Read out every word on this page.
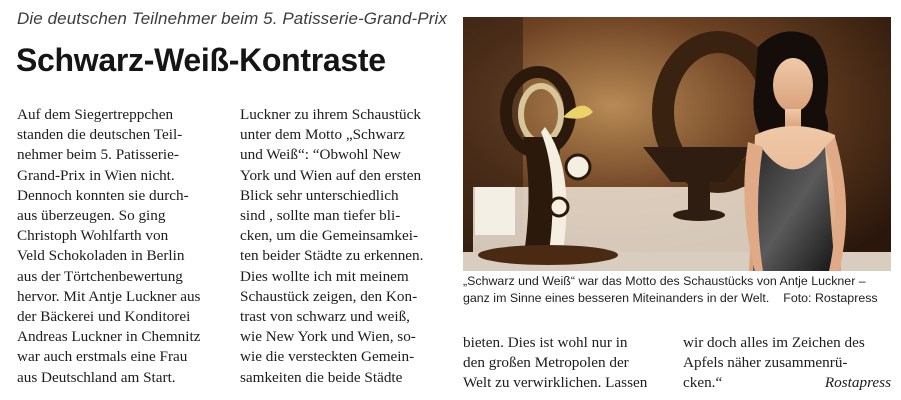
Die deutschen Teilnehmer beim 5. Patisserie-Grand-Prix
Schwarz-Weiß-Kontraste
Auf dem Siegertreppchen
standen die deutschen Teil-
nehmer beim 5. Patisserie-
Grand-Prix in Wien nicht.
Dennoch konnten sie durch-
aus überzeugen. So ging
Christoph Wohlfarth von
Veld Schokoladen in Berlin
aus der Törtchenbewertung
hervor. Mit Antje Luckner aus
der Bäckerei und Konditorei
Andreas Luckner in Chemnitz
war auch erstmals eine Frau
aus Deutschland am Start.
Luckner zu ihrem Schaustück
unter dem Motto „Schwarz
und Weiß“: “Obwohl New
York und Wien auf den ersten
Blick sehr unterschiedlich
sind , sollte man tiefer bli-
cken, um die Gemeinsamkei-
ten beider Städte zu erkennen.
Dies wollte ich mit meinem
Schaustück zeigen, den Kon-
trast von schwarz und weiß,
wie New York und Wien, so-
wie die versteckten Gemein-
samkeiten die beide Städte
„Schwarz und Weiß“ war das Motto des Schaustücks von Antje Luckner –
ganz im Sinne eines besseren Miteinanders in der Welt. Foto: Rostapress
bieten. Dies ist wohl nur in
den großen Metropolen der
Welt zu verwirklichen. Lassen
wir doch alles im Zeichen des
Apfels näher zusammenrü-
cken.“	Rostapress
